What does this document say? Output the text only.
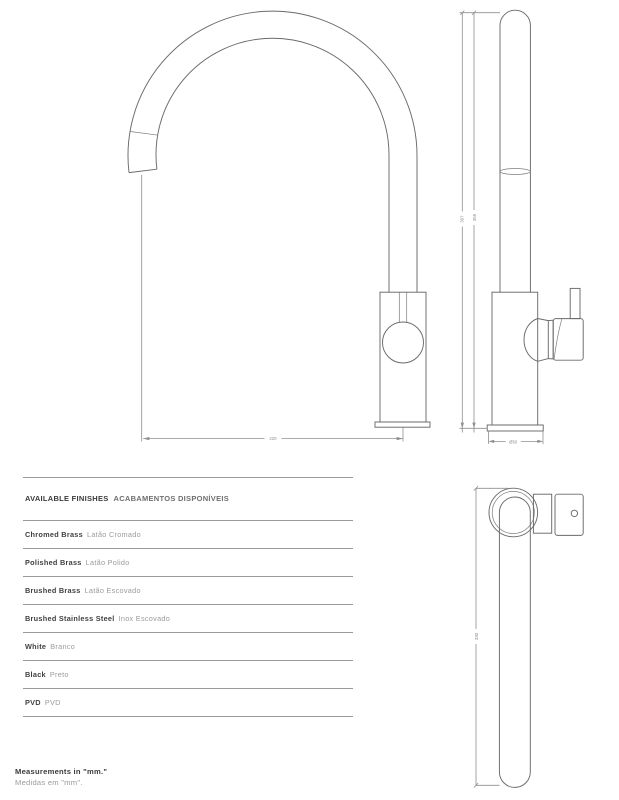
220
397 355
Ø50
330
AVAILABLE FINISHES ACABAMENTOS DISPONÍVEIS
Chromed Brass Latão Cromado
Polished Brass Latão Polido
Brushed Brass Latão Escovado
Brushed Stainless Steel Inox Escovado
White Branco
Black Preto
PVD PVD
Measurements in "mm."
Medidas em "mm".
